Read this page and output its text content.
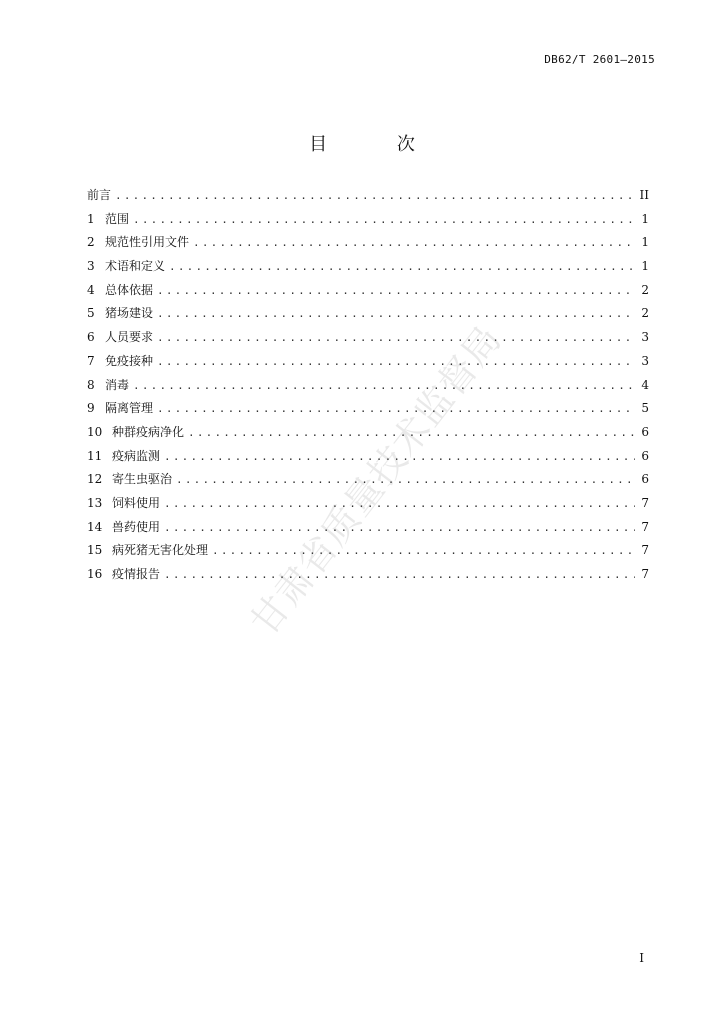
DB62/T 2601—2015
目 次
前言 .....	II
1 范围 .....	1
2 规范性引用文件 .....	1
3 术语和定义 .....	1
4 总体依据 .....	2
5 猪场建设 .....	2
6 人员要求 .....	3
7 免疫接种 .....	3
8 消毒 .....	4
9 隔离管理 .....	5
10 种群疫病净化 .....	6
11 疫病监测 .....	6
12 寄生虫驱治 .....	6
13 饲料使用 .....	7
14 兽药使用 .....	7
15 病死猪无害化处理 .....	7
16 疫情报告 .....	7
甘肃省质量技术监督局
I
